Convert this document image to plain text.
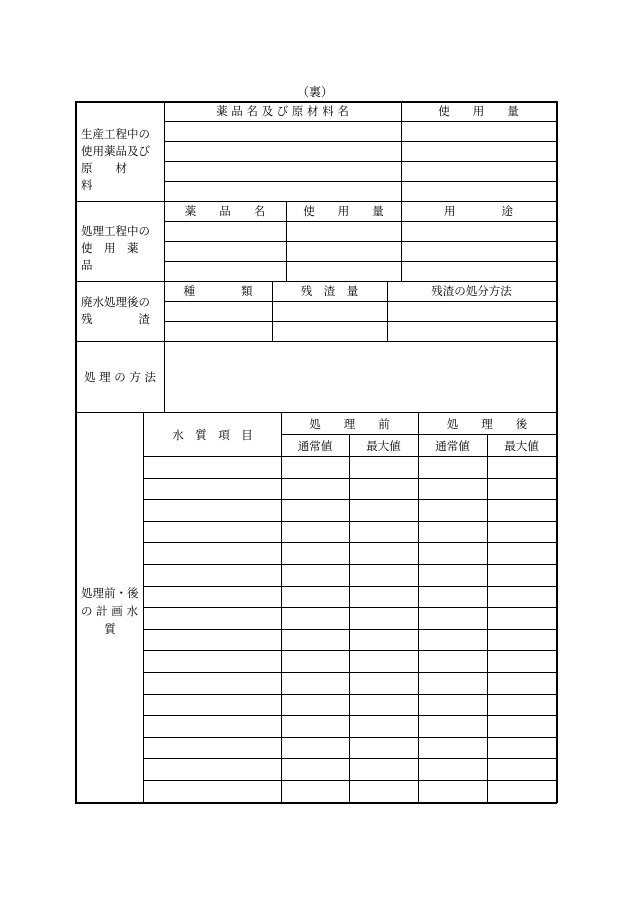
（裏）
生産工程中の
使用薬品及び
原　　材　　料
薬 品 名 及 び 原 材 料 名	使　　用　　量
処理工程中の
使　用　薬　品
薬　　品　　名	使　　用　　量	用　　　　途
廃水処理後の
残　　　　渣
種　　　　類	残　渣　量	残渣の処分方法
処 理 の 方 法
処理前・後
の 計 画 水
質
水　質　項　目
処　　理　　前	処　　理　　後
通常値	最大値	通常値	最大値
